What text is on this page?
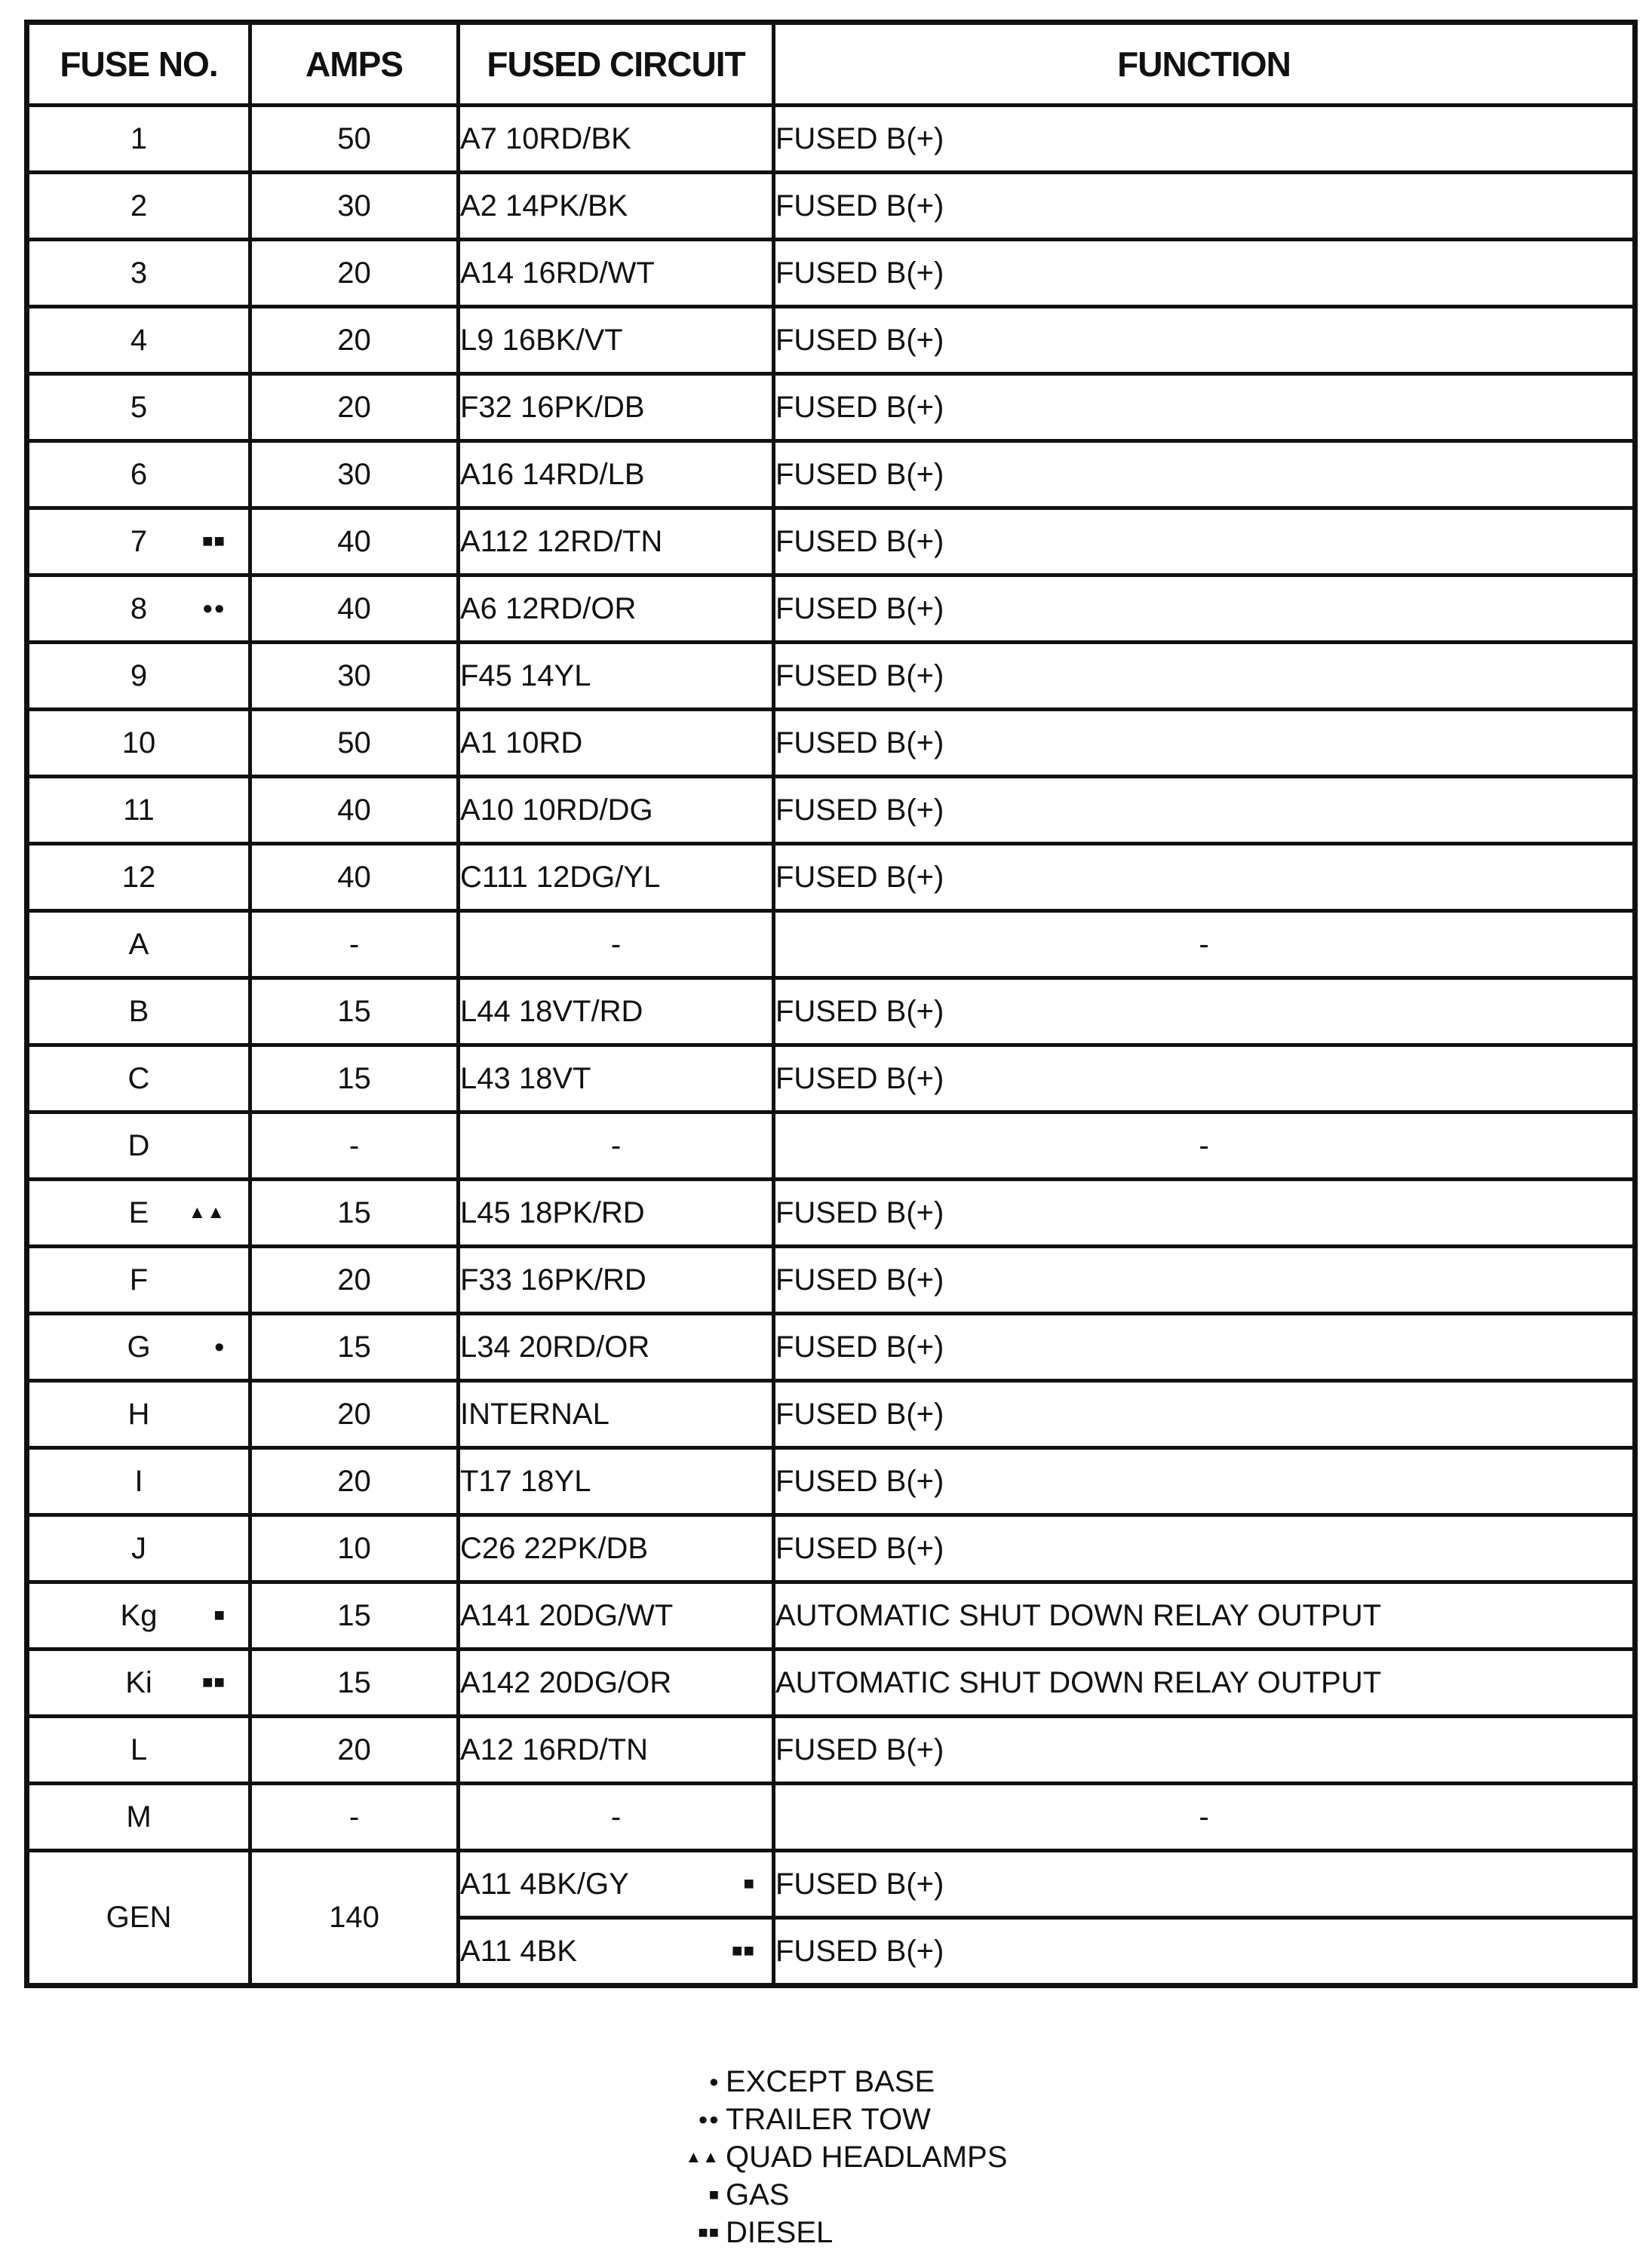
FUSE NO.	AMPS	FUSED CIRCUIT	FUNCTION
1	50	A7 10RD/BK	FUSED B(+)
2	30	A2 14PK/BK	FUSED B(+)
3	20	A14 16RD/WT	FUSED B(+)
4	20	L9 16BK/VT	FUSED B(+)
5	20	F32 16PK/DB	FUSED B(+)
6	30	A16 14RD/LB	FUSED B(+)
7 ■■	40	A112 12RD/TN	FUSED B(+)
8 ●●	40	A6 12RD/OR	FUSED B(+)
9	30	F45 14YL	FUSED B(+)
10	50	A1 10RD	FUSED B(+)
11	40	A10 10RD/DG	FUSED B(+)
12	40	C111 12DG/YL	FUSED B(+)
A	-	-	-
B	15	L44 18VT/RD	FUSED B(+)
C	15	L43 18VT	FUSED B(+)
D	-	-	-
E ▲▲	15	L45 18PK/RD	FUSED B(+)
F	20	F33 16PK/RD	FUSED B(+)
G ●	15	L34 20RD/OR	FUSED B(+)
H	20	INTERNAL	FUSED B(+)
I	20	T17 18YL	FUSED B(+)
J	10	C26 22PK/DB	FUSED B(+)
Kg ■	15	A141 20DG/WT	AUTOMATIC SHUT DOWN RELAY OUTPUT
Ki ■■	15	A142 20DG/OR	AUTOMATIC SHUT DOWN RELAY OUTPUT
L	20	A12 16RD/TN	FUSED B(+)
M	-	-	-
GEN	140	A11 4BK/GY ■	FUSED B(+)
		A11 4BK ■■	FUSED B(+)
● EXCEPT BASE
●● TRAILER TOW
▲▲ QUAD HEADLAMPS
■ GAS
■■ DIESEL
